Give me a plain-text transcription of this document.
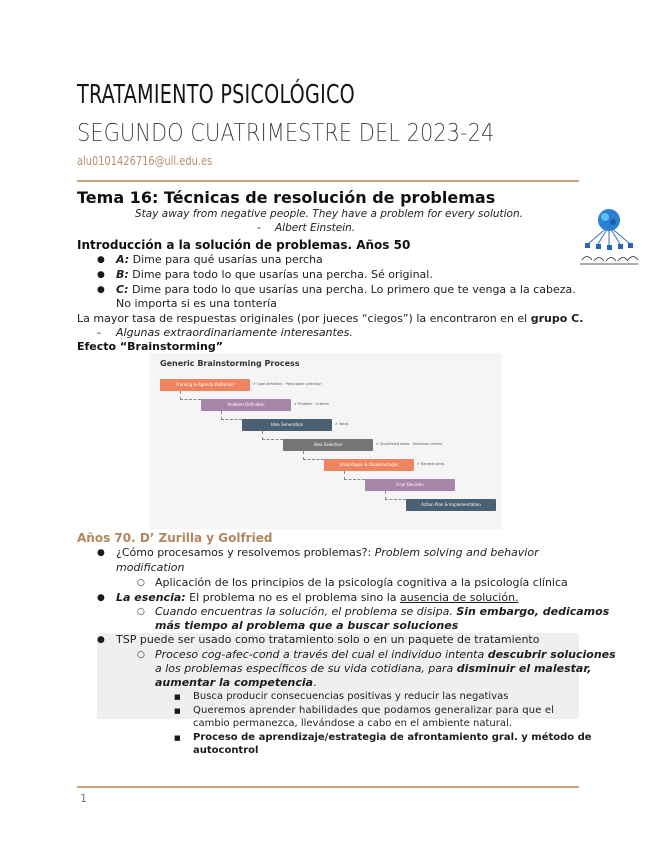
TRATAMIENTO PSICOLÓGICO
SEGUNDO CUATRIMESTRE DEL 2023-24
alu0101426716@ull.edu.es
Tema 16: Técnicas de resolución de problemas
Stay away from negative people. They have a problem for every solution.
- Albert Einstein.
Introducción a la solución de problemas. Años 50
● A: Dime para qué usarías una percha
● B: Dime para todo lo que usarías una percha. Sé original.
● C: Dime para todo lo que usarías una percha. Lo primero que te venga a la cabeza.
No importa si es una tontería
La mayor tasa de respuestas originales (por jueces “ciegos”) la encontraron en el grupo C.
- Algunas extraordinariamente interesantes.
Efecto “Brainstorming”
Generic Brainstorming Process
Framing & Agenda Definition	✔ Goal definition · Participant selection
Problem Definition	✔ Problem · Criteria
Idea Generation	✔ Ideas
Idea Selection	✔ Shortlisted ideas · Selection criteria
Advantages & Disadvantages	✔ Ranked ideas
Final Decision
Action Plan & Implementation
Años 70. D’ Zurilla y Golfried
● ¿Cómo procesamos y resolvemos problemas?: Problem solving and behavior
modification
○ Aplicación de los principios de la psicología cognitiva a la psicología clínica
● La esencia: El problema no es el problema sino la ausencia de solución.
○ Cuando encuentras la solución, el problema se disipa. Sin embargo, dedicamos
más tiempo al problema que a buscar soluciones
● TSP puede ser usado como tratamiento solo o en un paquete de tratamiento
○ Proceso cog-afec-cond a través del cual el individuo intenta descubrir soluciones
a los problemas específicos de su vida cotidiana, para disminuir el malestar,
aumentar la competencia.
■ Busca producir consecuencias positivas y reducir las negativas
■ Queremos aprender habilidades que podamos generalizar para que el
cambio permanezca, llevándose a cabo en el ambiente natural.
■ Proceso de aprendizaje/estrategia de afrontamiento gral. y método de
autocontrol
1
